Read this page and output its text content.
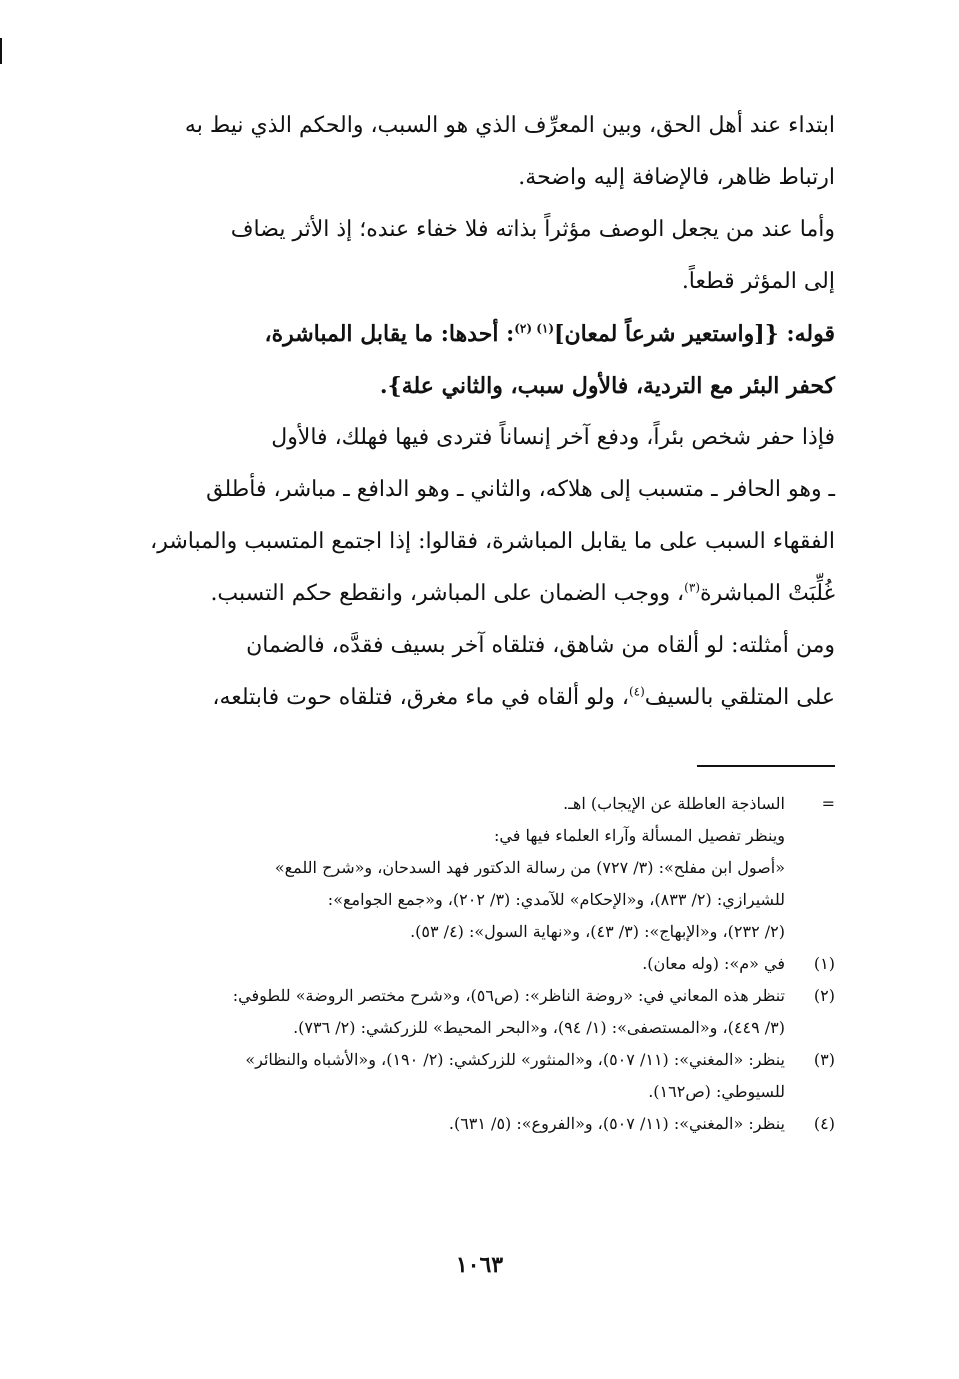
ابتداء عند أهل الحق، وبين المعرِّف الذي هو السبب، والحكم الذي نيط به
ارتباط ظاهر، فالإضافة إليه واضحة.

وأما عند من يجعل الوصف مؤثراً بذاته فلا خفاء عنده؛ إذ الأثر يضاف
إلى المؤثر قطعاً.

قوله: {[واستعير شرعاً لمعان]$^{(١) (٢)}$: أحدها: ما يقابل المباشرة،
كحفر البئر مع التردية، فالأول سبب، والثاني علة}.

فإذا حفر شخص بئراً، ودفع آخر إنساناً فتردى فيها فهلك، فالأول
ـ وهو الحافر ـ متسبب إلى هلاكه، والثاني ـ وهو الدافع ـ مباشر، فأطلق
الفقهاء السبب على ما يقابل المباشرة، فقالوا: إذا اجتمع المتسبب والمباشر،
غُلِّبَتْ المباشرة$^{(٣)}$، ووجب الضمان على المباشر، وانقطع حكم التسبب.

ومن أمثلته: لو ألقاه من شاهق، فتلقاه آخر بسيف فقدَّه، فالضمان
على المتلقي بالسيف$^{(٤)}$، ولو ألقاه في ماء مغرق، فتلقاه حوت فابتلعه،

=
الساذجة العاطلة عن الإيجاب) اهـ.
وينظر تفصيل المسألة وآراء العلماء فيها في:
«أصول ابن مفلح»: (٣/ ٧٢٧) من رسالة الدكتور فهد السدحان، و«شرح اللمع»
للشيرازي: (٢/ ٨٣٣)، و«الإحكام» للآمدي: (٣/ ٢٠٢)، و«جمع الجوامع»:
(٢/ ٢٣٢)، و«الإبهاج»: (٣/ ٤٣)، و«نهاية السول»: (٤/ ٥٣).
(١)
في «م»: (وله معان).
(٢)
تنظر هذه المعاني في: «روضة الناظر»: (ص٥٦)، و«شرح مختصر الروضة» للطوفي:
(٣/ ٤٤٩)، و«المستصفى»: (١/ ٩٤)، و«البحر المحيط» للزركشي: (٢/ ٧٣٦).
(٣)
ينظر: «المغني»: (١١/ ٥٠٧)، و«المنثور» للزركشي: (٢/ ١٩٠)، و«الأشباه والنظائر»
للسيوطي: (ص١٦٢).
(٤)
ينظر: «المغني»: (١١/ ٥٠٧)، و«الفروع»: (٥/ ٦٣١).
١٠٦٣
